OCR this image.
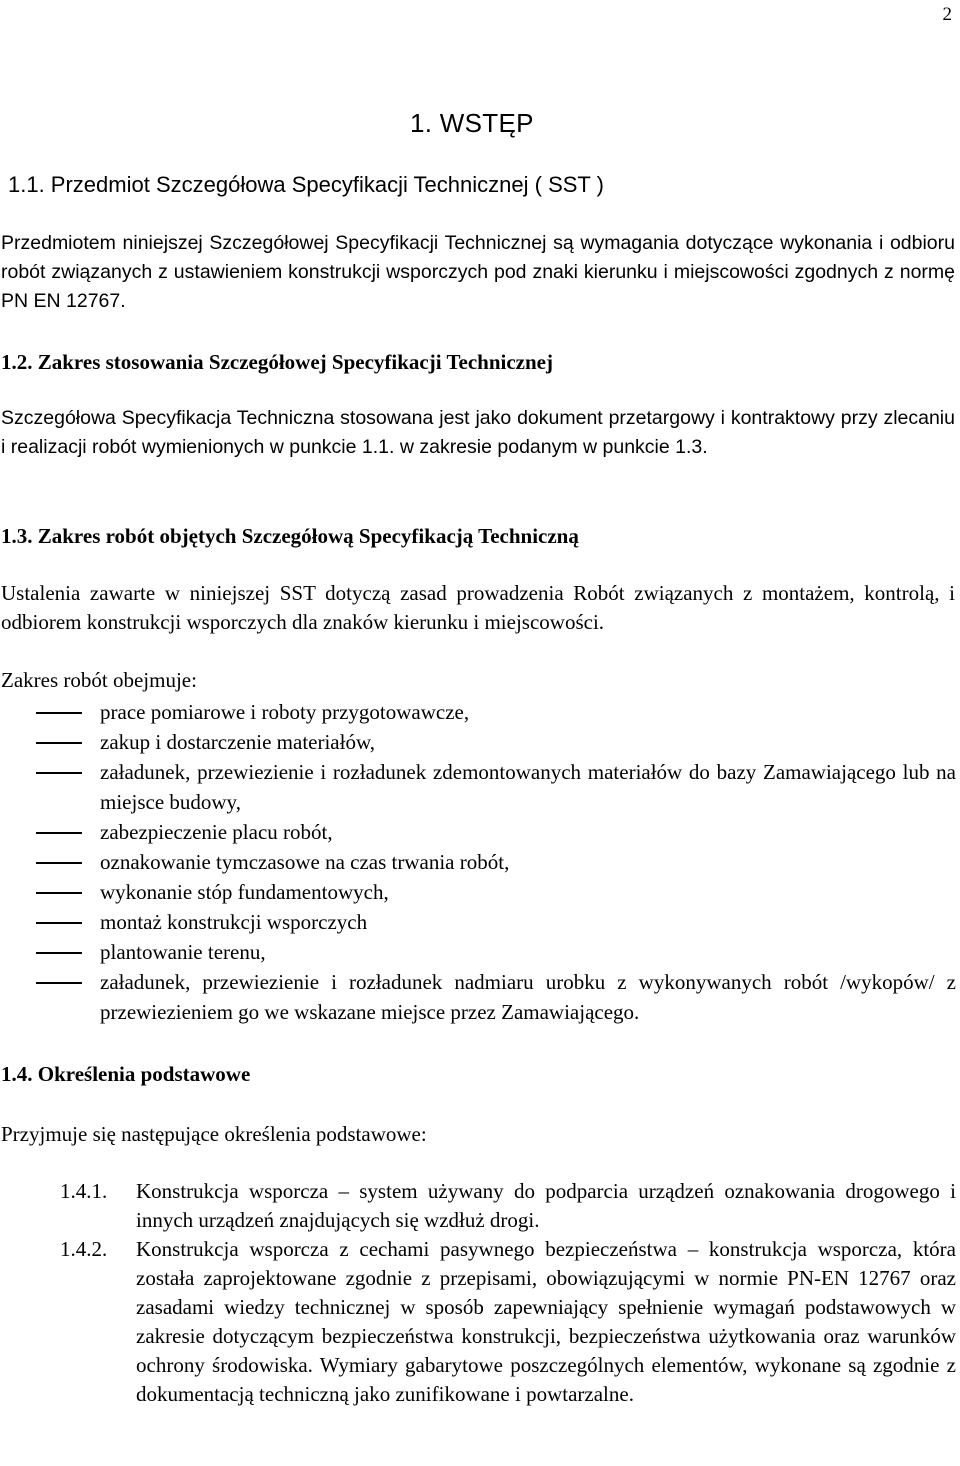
2
1. WSTĘP
1.1. Przedmiot Szczegółowa Specyfikacji Technicznej ( SST )
Przedmiotem niniejszej Szczegółowej Specyfikacji Technicznej są wymagania dotyczące wykonania i odbioru robót związanych z ustawieniem konstrukcji wsporczych pod znaki kierunku i miejscowości zgodnych z normę PN EN 12767.
1.2. Zakres stosowania Szczegółowej Specyfikacji Technicznej
Szczegółowa Specyfikacja Techniczna stosowana jest jako dokument przetargowy i kontraktowy przy zlecaniu i realizacji robót wymienionych w punkcie 1.1. w zakresie podanym w punkcie 1.3.
1.3. Zakres robót objętych Szczegółową Specyfikacją Techniczną
Ustalenia zawarte w niniejszej SST dotyczą zasad prowadzenia Robót związanych z montażem, kontrolą, i odbiorem konstrukcji wsporczych dla znaków kierunku i miejscowości.
Zakres robót obejmuje:
prace pomiarowe i roboty przygotowawcze,
zakup i dostarczenie materiałów,
załadunek, przewiezienie i rozładunek zdemontowanych materiałów do bazy Zamawiającego lub na miejsce budowy,
zabezpieczenie placu robót,
oznakowanie tymczasowe na czas trwania robót,
wykonanie stóp fundamentowych,
montaż konstrukcji wsporczych
plantowanie terenu,
załadunek, przewiezienie i rozładunek nadmiaru urobku z wykonywanych robót /wykopów/ z przewiezieniem go we wskazane miejsce przez Zamawiającego.
1.4. Określenia podstawowe
Przyjmuje się następujące określenia podstawowe:
1.4.1. Konstrukcja wsporcza – system używany do podparcia urządzeń oznakowania drogowego i innych urządzeń znajdujących się wzdłuż drogi.
1.4.2. Konstrukcja wsporcza z cechami pasywnego bezpieczeństwa – konstrukcja wsporcza, która została zaprojektowane zgodnie z przepisami, obowiązującymi w normie PN-EN 12767 oraz zasadami wiedzy technicznej w sposób zapewniający spełnienie wymagań podstawowych w zakresie dotyczącym bezpieczeństwa konstrukcji, bezpieczeństwa użytkowania oraz warunków ochrony środowiska. Wymiary gabarytowe poszczególnych elementów, wykonane są zgodnie z dokumentacją techniczną jako zunifikowane i powtarzalne.
